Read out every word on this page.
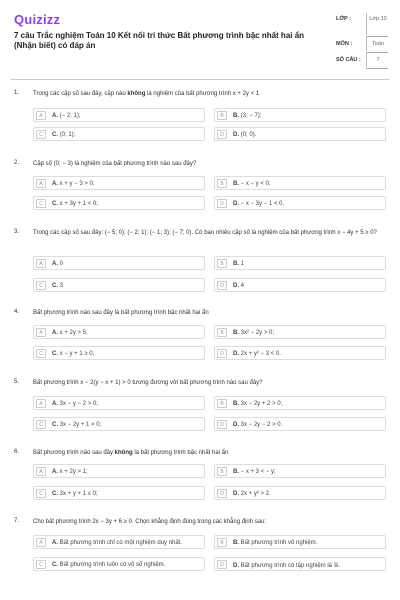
Quizizz
7 câu Trắc nghiệm Toán 10 Kết nối tri thức Bất phương trình bậc nhất hai ẩn (Nhận biết) có đáp án
LỚP :	Lớp 10
MÔN :	Toán
SỐ CÂU :	7
1. Trong các cặp số sau đây, cặp nào không là nghiệm của bất phương trình x + 2y < 1
A	A. (− 2; 1);	B	B. (3; − 7);
C	C. (0; 1);	D	D. (0; 0).
2. Cặp số (0; − 3) là nghiệm của bất phương trình nào sau đây?
A	A. x + y − 3 > 0;	B	B. − x − y < 0;
C	C. x + 3y + 1 < 0;	D	D. − x − 3y − 1 < 0.
3. Trong các cặp số sau đây: (− 5; 0); (− 2; 1); (− 1; 3); (− 7; 0). Có bao nhiêu cặp số là nghiệm của bất phương trình x − 4y + 5 ≥ 0?
A	A. 0	B	B. 1
C	C. 3	D	D. 4
4. Bất phương trình nào sau đây là bất phương trình bậc nhất hai ẩn
A	A. x + 2y > 5;	B	B. 3x² − 2y > 0;
C	C. x − y + 1 ≥ 0;	D	D. 2x + y² − 3 < 0.
5. Bất phương trình x − 2(y − x + 1) > 0 tương đương với bất phương trình nào sau đây?
A	A. 3x − y − 2 > 0;	B	B. 3x − 2y + 2 > 0;
C	C. 3x − 2y + 1 > 0;	D	D. 3x − 2y − 2 > 0.
6. Bất phương trình nào sau đây không là bất phương trình bậc nhất hai ẩn
A	A. x + 2y > 1;	B	B. − x + 3 < − y;
C	C. 3x + y + 1 ≤ 0;	D	D. 2x + y² > 2.
7. Cho bất phương trình 2x − 3y + 6 ≥ 0. Chọn khẳng định đúng trong các khẳng định sau:
A	A. Bất phương trình chỉ có một nghiệm duy nhất.	B	B. Bất phương trình vô nghiệm.
C	C. Bất phương trình luôn có vô số nghiệm.	D	D. Bất phương trình có tập nghiệm là ℝ.
